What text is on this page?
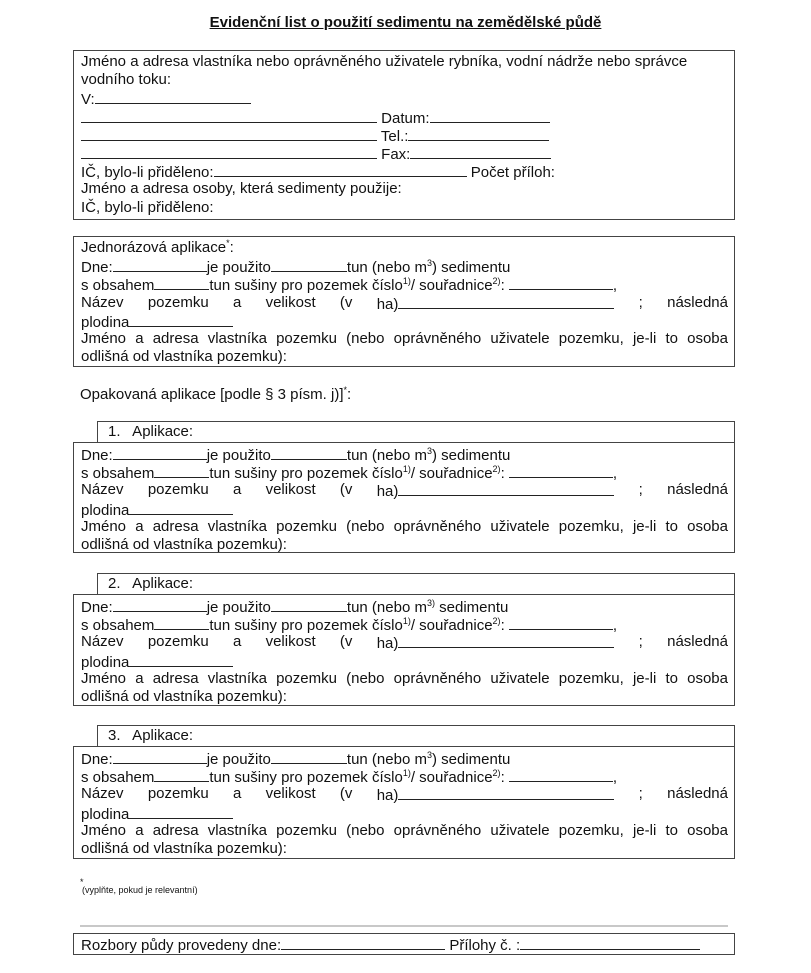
Evidenční list o použití sedimentu na zemědělské půdě
Jméno a adresa vlastníka nebo oprávněného uživatele rybníka, vodní nádrže nebo správce
vodního toku:
V:
Datum:
Tel.:
Fax:
IČ, bylo-li přiděleno:	Počet příloh:
Jméno a adresa osoby, která sedimenty použije:
IČ, bylo-li přiděleno:
Jednorázová aplikace*:
Dne:	je použito	tun (nebo $m^3$) sedimentu
s obsahem	tun sušiny pro pozemek číslo$^{1)}$/ souřadnice$^{2)}$:	,
Název pozemku a velikost (v ha)	; následná
plodina
Jméno a adresa vlastníka pozemku (nebo oprávněného uživatele pozemku, je-li to osoba
odlišná od vlastníka pozemku):
Opakovaná aplikace [podle § 3 písm. j)]*:
1.   Aplikace:
Dne:	je použito	tun (nebo $m^3$) sedimentu
s obsahem	tun sušiny pro pozemek číslo$^{1)}$/ souřadnice$^{2)}$:	,
Název pozemku a velikost (v ha)	; následná
plodina
Jméno a adresa vlastníka pozemku (nebo oprávněného uživatele pozemku, je-li to osoba
odlišná od vlastníka pozemku):
2.   Aplikace:
Dne:	je použito	tun (nebo $m^{3)}$ sedimentu
s obsahem	tun sušiny pro pozemek číslo$^{1)}$/ souřadnice$^{2)}$:	,
Název pozemku a velikost (v ha)	; následná
plodina
Jméno a adresa vlastníka pozemku (nebo oprávněného uživatele pozemku, je-li to osoba
odlišná od vlastníka pozemku):
3.   Aplikace:
Dne:	je použito	tun (nebo $m^3$) sedimentu
s obsahem	tun sušiny pro pozemek číslo$^{1)}$/ souřadnice$^{2)}$:	,
Název pozemku a velikost (v ha)	; následná
plodina
Jméno a adresa vlastníka pozemku (nebo oprávněného uživatele pozemku, je-li to osoba
odlišná od vlastníka pozemku):
*
(vyplňte, pokud je relevantní)
Rozbory půdy provedeny dne:	Přílohy č. :
